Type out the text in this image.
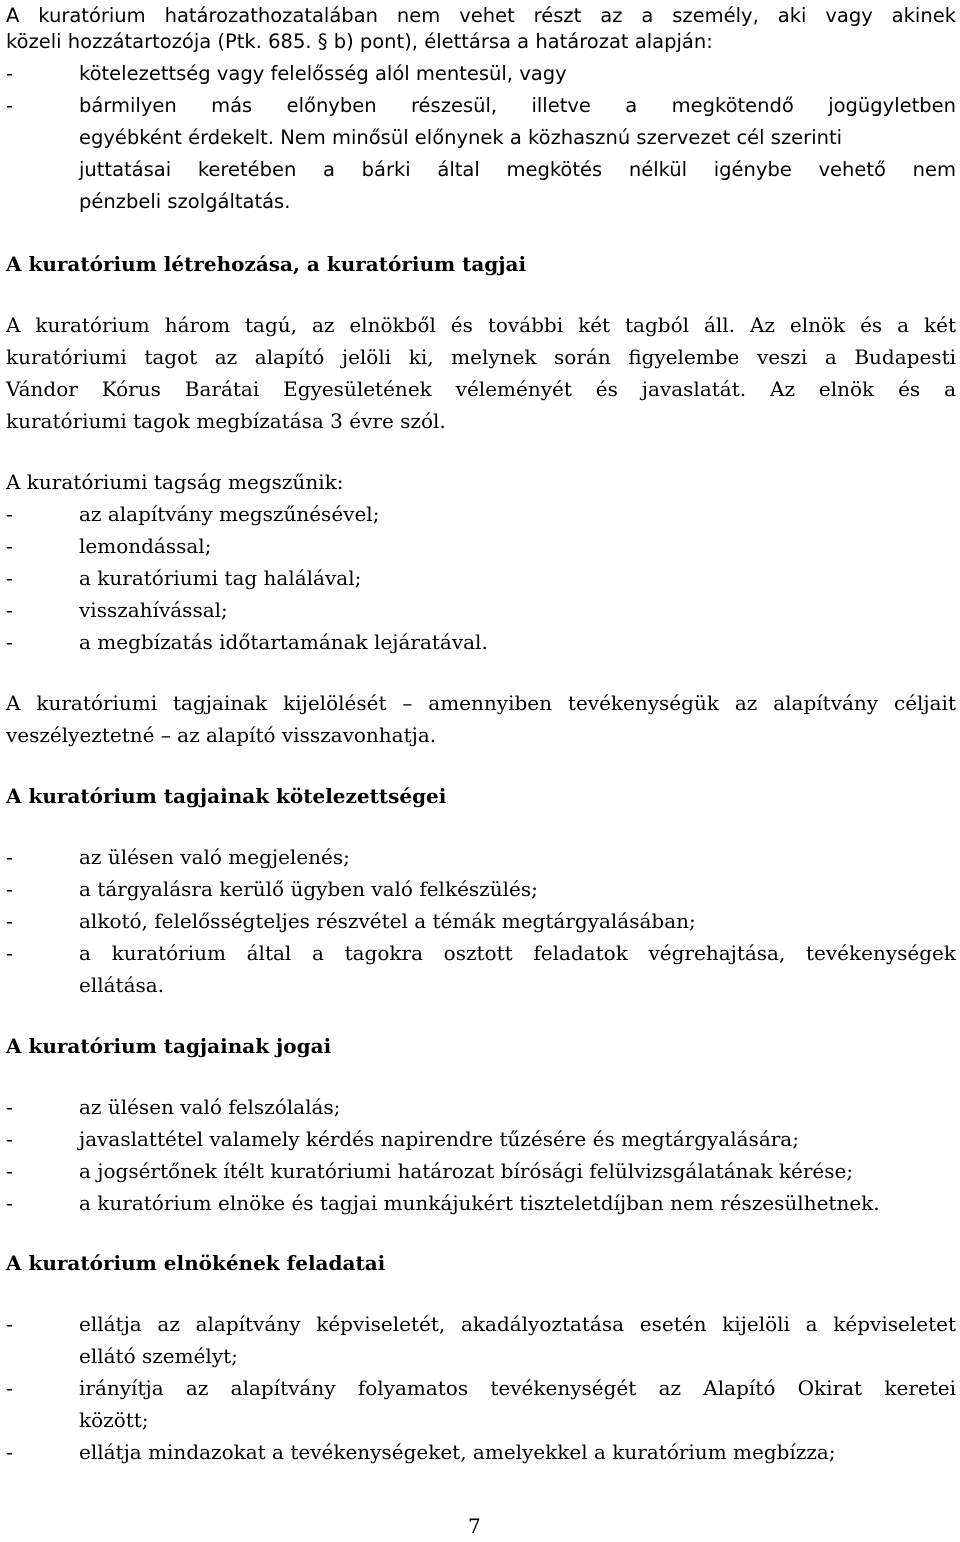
A kuratórium határozathozatalában nem vehet részt az a személy, aki vagy akinek
közeli hozzátartozója (Ptk. 685. § b) pont), élettársa a határozat alapján:
-	kötelezettség vagy felelősség alól mentesül, vagy
-	bármilyen más előnyben részesül, illetve a megkötendő jogügyletben
egyébként érdekelt. Nem minősül előnynek a közhasznú szervezet cél szerinti
juttatásai keretében a bárki által megkötés nélkül igénybe vehető nem
pénzbeli szolgáltatás.
A kuratórium létrehozása, a kuratórium tagjai
A kuratórium három tagú, az elnökből és további két tagból áll. Az elnök és a két
kuratóriumi tagot az alapító jelöli ki, melynek során figyelembe veszi a Budapesti
Vándor Kórus Barátai Egyesületének véleményét és javaslatát. Az elnök és a
kuratóriumi tagok megbízatása 3 évre szól.
A kuratóriumi tagság megszűnik:
-	az alapítvány megszűnésével;
-	lemondással;
-	a kuratóriumi tag halálával;
-	visszahívással;
-	a megbízatás időtartamának lejáratával.
A kuratóriumi tagjainak kijelölését – amennyiben tevékenységük az alapítvány céljait
veszélyeztetné – az alapító visszavonhatja.
A kuratórium tagjainak kötelezettségei
-	az ülésen való megjelenés;
-	a tárgyalásra kerülő ügyben való felkészülés;
-	alkotó, felelősségteljes részvétel a témák megtárgyalásában;
-	a kuratórium által a tagokra osztott feladatok végrehajtása, tevékenységek
ellátása.
A kuratórium tagjainak jogai
-	az ülésen való felszólalás;
-	javaslattétel valamely kérdés napirendre tűzésére és megtárgyalására;
-	a jogsértőnek ítélt kuratóriumi határozat bírósági felülvizsgálatának kérése;
-	a kuratórium elnöke és tagjai munkájukért tiszteletdíjban nem részesülhetnek.
A kuratórium elnökének feladatai
-	ellátja az alapítvány képviseletét, akadályoztatása esetén kijelöli a képviseletet
ellátó személyt;
-	irányítja az alapítvány folyamatos tevékenységét az Alapító Okirat keretei
között;
-	ellátja mindazokat a tevékenységeket, amelyekkel a kuratórium megbízza;
7
